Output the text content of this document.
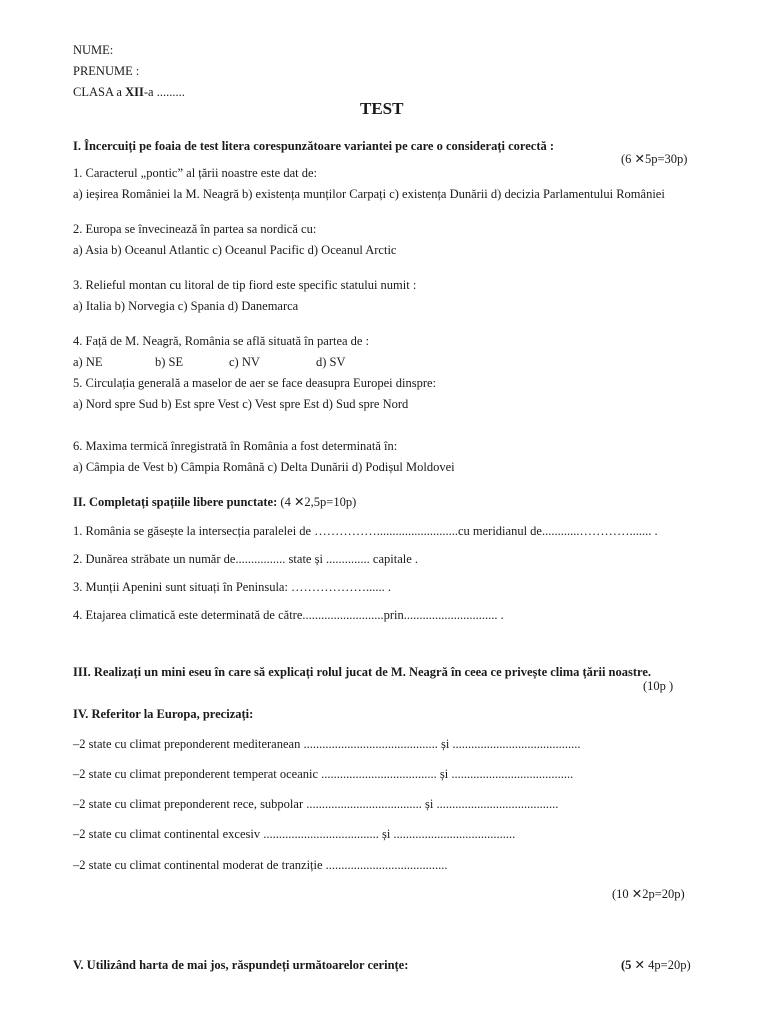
NUME:
PRENUME :
CLASA a XII-a .........
TEST
I. Încercuiți pe foaia de test litera corespunzătoare variantei pe care o considerați corectă :
(6 ✕5p=30p)
1. Caracterul „pontic” al țării noastre este dat de:
a) ieșirea României la M. Neagră b) existența munților Carpați c) existența Dunării d) decizia Parlamentului României
2. Europa se învecinează în partea sa nordică cu:
a) Asia b) Oceanul Atlantic c) Oceanul Pacific d) Oceanul Arctic
3. Relieful montan cu litoral de tip fiord este specific statului numit :
a) Italia b) Norvegia c) Spania d) Danemarca
4. Față de M. Neagră, România se află situată în partea de :
a) NE	b) SE	c) NV	d) SV
5. Circulația generală a maselor de aer se face deasupra Europei dinspre:
a) Nord spre Sud b) Est spre Vest c) Vest spre Est d) Sud spre Nord
6. Maxima termică înregistrată în România a fost determinată în:
a) Câmpia de Vest b) Câmpia Română c) Delta Dunării d) Podișul Moldovei
II. Completați spațiile libere punctate: (4 ✕2,5p=10p)
1. România se găsește la intersecția paralelei de ……………..........................cu meridianul de............…………....... .
2. Dunărea străbate un număr de................ state și .............. capitale .
3. Munții Apenini sunt situați în Peninsula: ………………...... .
4. Etajarea climatică este determinată de către..........................prin.............................. .
III. Realizați un mini eseu în care să explicați rolul jucat de M. Neagră în ceea ce privește clima țării noastre.
(10p )
IV. Referitor la Europa, precizați:
–2 state cu climat preponderent mediteranean ........................................... și .........................................
–2 state cu climat preponderent temperat oceanic ..................................... și .......................................
–2 state cu climat preponderent rece, subpolar ..................................... și .......................................
–2 state cu climat continental excesiv ..................................... și .......................................
–2 state cu climat continental moderat de tranziție .......................................
(10 ✕2p=20p)
V. Utilizând harta de mai jos, răspundeți următoarelor cerințe:	(5 ✕ 4p=20p)
